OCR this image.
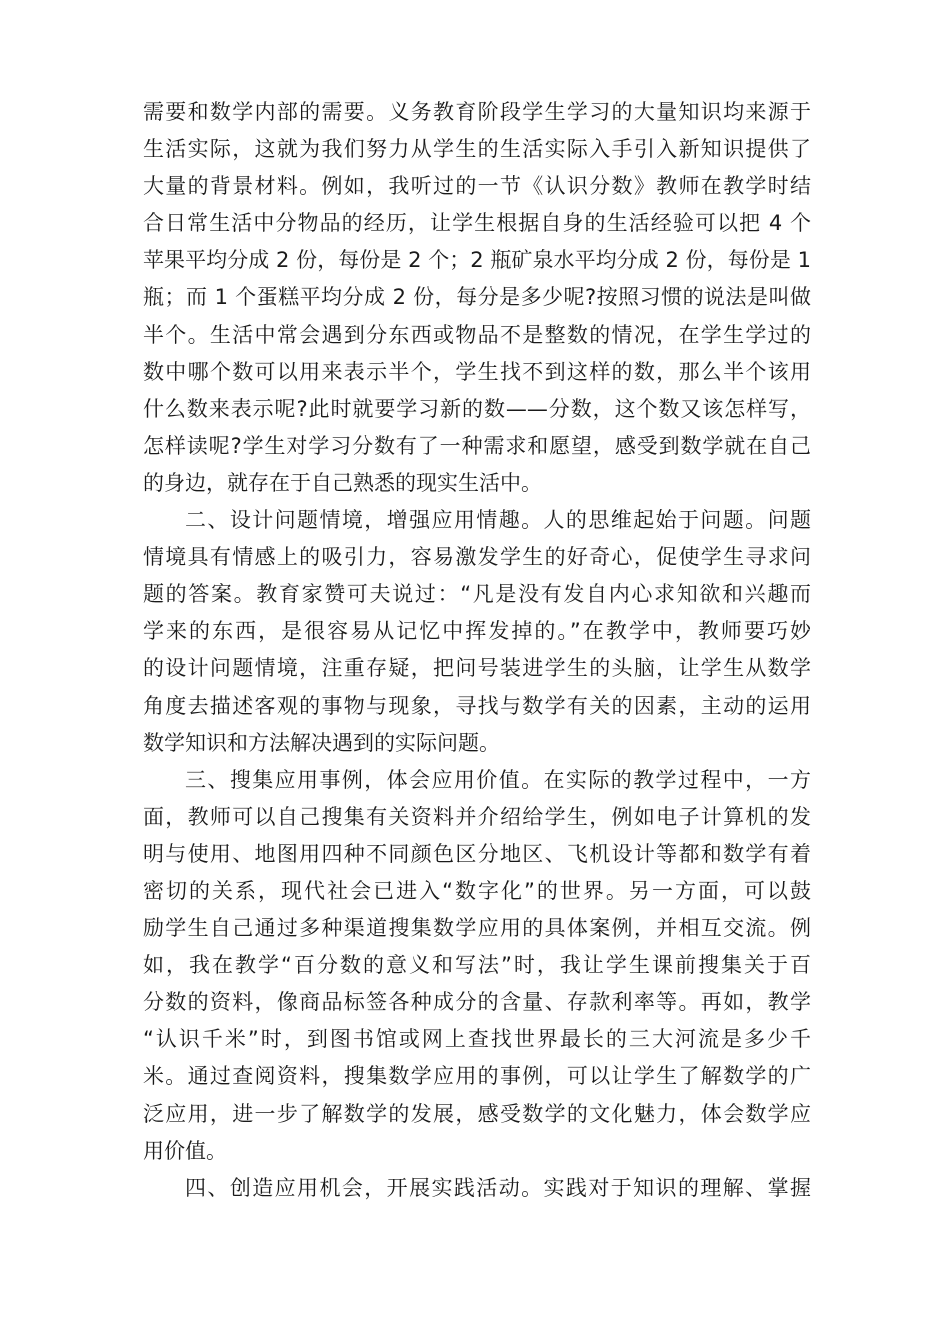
需要和数学内部的需要。义务教育阶段学生学习的大量知识均来源于
生活实际，这就为我们努力从学生的生活实际入手引入新知识提供了
大量的背景材料。例如，我听过的一节《认识分数》教师在教学时结
合日常生活中分物品的经历，让学生根据自身的生活经验可以把 4 个
苹果平均分成 2 份，每份是 2 个；2 瓶矿泉水平均分成 2 份，每份是 1
瓶；而 1 个蛋糕平均分成 2 份，每分是多少呢?按照习惯的说法是叫做
半个。生活中常会遇到分东西或物品不是整数的情况，在学生学过的
数中哪个数可以用来表示半个，学生找不到这样的数，那么半个该用
什么数来表示呢?此时就要学习新的数——分数，这个数又该怎样写，
怎样读呢?学生对学习分数有了一种需求和愿望，感受到数学就在自己
的身边，就存在于自己熟悉的现实生活中。
二、设计问题情境，增强应用情趣。人的思维起始于问题。问题
情境具有情感上的吸引力，容易激发学生的好奇心，促使学生寻求问
题的答案。教育家赞可夫说过：“凡是没有发自内心求知欲和兴趣而
学来的东西，是很容易从记忆中挥发掉的。”在教学中，教师要巧妙
的设计问题情境，注重存疑，把问号装进学生的头脑，让学生从数学
角度去描述客观的事物与现象，寻找与数学有关的因素，主动的运用
数学知识和方法解决遇到的实际问题。
三、搜集应用事例，体会应用价值。在实际的教学过程中，一方
面，教师可以自己搜集有关资料并介绍给学生，例如电子计算机的发
明与使用、地图用四种不同颜色区分地区、飞机设计等都和数学有着
密切的关系，现代社会已进入“数字化”的世界。另一方面，可以鼓
励学生自己通过多种渠道搜集数学应用的具体案例，并相互交流。例
如，我在教学“百分数的意义和写法”时，我让学生课前搜集关于百
分数的资料，像商品标签各种成分的含量、存款利率等。再如，教学
“认识千米”时，到图书馆或网上查找世界最长的三大河流是多少千
米。通过查阅资料，搜集数学应用的事例，可以让学生了解数学的广
泛应用，进一步了解数学的发展，感受数学的文化魅力，体会数学应
用价值。
四、创造应用机会，开展实践活动。实践对于知识的理解、掌握
